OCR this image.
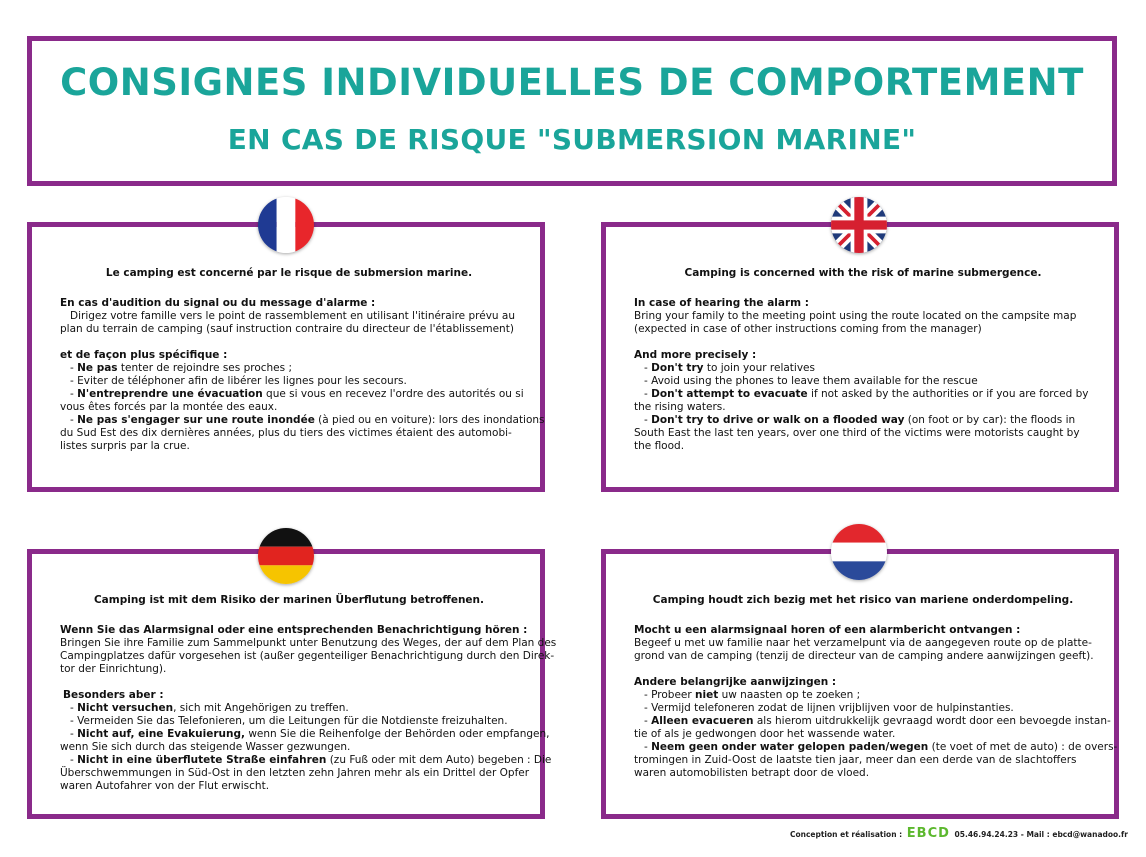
CONSIGNES INDIVIDUELLES DE COMPORTEMENT
EN CAS DE RISQUE "SUBMERSION MARINE"
Le camping est concerné par le risque de submersion marine.
En cas d'audition du signal ou du message d'alarme :
Dirigez votre famille vers le point de rassemblement en utilisant l'itinéraire prévu au
plan du terrain de camping (sauf instruction contraire du directeur de l'établissement)
et de façon plus spécifique :
- Ne pas tenter de rejoindre ses proches ;
- Eviter de téléphoner afin de libérer les lignes pour les secours.
- N'entreprendre une évacuation que si vous en recevez l'ordre des autorités ou si
vous êtes forcés par la montée des eaux.
- Ne pas s'engager sur une route inondée (à pied ou en voiture): lors des inondations
du Sud Est des dix dernières années, plus du tiers des victimes étaient des automobi-
listes surpris par la crue.
Camping is concerned with the risk of marine submergence.
In case of hearing the alarm :
Bring your family to the meeting point using the route located on the campsite map
(expected in case of other instructions coming from the manager)
And more precisely :
- Don't try to join your relatives
- Avoid using the phones to leave them available for the rescue
- Don't attempt to evacuate if not asked by the authorities or if you are forced by
the rising waters.
- Don't try to drive or walk on a flooded way (on foot or by car): the floods in
South East the last ten years, over one third of the victims were motorists caught by
the flood.
Camping ist mit dem Risiko der marinen Überflutung betroffenen.
Wenn Sie das Alarmsignal oder eine entsprechenden Benachrichtigung hören :
Bringen Sie ihre Familie zum Sammelpunkt unter Benutzung des Weges, der auf dem Plan des
Campingplatzes dafür vorgesehen ist (außer gegenteiliger Benachrichtigung durch den Direk-
tor der Einrichtung).
Besonders aber :
- Nicht versuchen, sich mit Angehörigen zu treffen.
- Vermeiden Sie das Telefonieren, um die Leitungen für die Notdienste freizuhalten.
- Nicht auf, eine Evakuierung, wenn Sie die Reihenfolge der Behörden oder empfangen,
wenn Sie sich durch das steigende Wasser gezwungen.
- Nicht in eine überflutete Straße einfahren (zu Fuß oder mit dem Auto) begeben : Die
Überschwemmungen in Süd-Ost in den letzten zehn Jahren mehr als ein Drittel der Opfer
waren Autofahrer von der Flut erwischt.
Camping houdt zich bezig met het risico van mariene onderdompeling.
Mocht u een alarmsignaal horen of een alarmbericht ontvangen :
Begeef u met uw familie naar het verzamelpunt via de aangegeven route op de platte-
grond van de camping (tenzij de directeur van de camping andere aanwijzingen geeft).
Andere belangrijke aanwijzingen :
- Probeer niet uw naasten op te zoeken ;
- Vermijd telefoneren zodat de lijnen vrijblijven voor de hulpinstanties.
- Alleen evacueren als hierom uitdrukkelijk gevraagd wordt door een bevoegde instan-
tie of als je gedwongen door het wassende water.
- Neem geen onder water gelopen paden/wegen (te voet of met de auto) : de overs-
tromingen in Zuid-Oost de laatste tien jaar, meer dan een derde van de slachtoffers
waren automobilisten betrapt door de vloed.
Conception et réalisation : EBCD 05.46.94.24.23 - Mail : ebcd@wanadoo.fr
